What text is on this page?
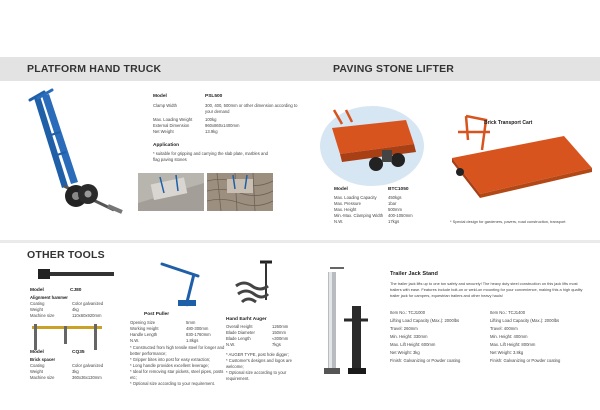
PLATFORM HAND TRUCK	PAVING STONE LIFTER
Model	PSL500
Clamp Width	300, 400, 500mm or other dimension according to your demand
Max. Loading Weight	100kg
External Dimension	960x860x1400mm
Net Weight	13.9kg
Application
* suitable for gripping and carrying the slab plate, marbles and flag paving stones
Brick Transport Cart
Model	BTC1050
Max. Loading Capacity	450kgs
Max. Pressure	1bar
Max. Height	500mm
Min.-Max. Clamping Width 400-1050mm
N.W.	17kgs	* Special design for gardeners, pavers, road construction, transport
OTHER TOOLS
Model	CJ80
Alignment hammer
Coating	Color galvanized
Weight	4kg
Machine size	110x60x920mm
Model	CQ35
Brick spacer
Coating	Color galvanized
Weight	3kg
Machine size	360x36x130mm
Post Puller
Opening Size	5mm
Working Height	480-300mm
Handle Length	830-1760mm
N.W.	1.8kgs
* Constructed from high tensile steel for longer and better performance;
* Gripper bites into post for easy extraction;
* Long handle provides excellent leverage;
* Ideal for removing star pickets, steel pipes, posts etc;
* Optional size according to your requirement.
Hand Earht Auger
Overall Height	1260mm
Blade Diameter	150mm
Blade Length	≈300mm
N.W.	7kgs
* AUGER TYPE, post hole digger;
* Customer's designs and logos are welcome;
* Optional size according to your requirement.
Trailer Jack Stand
The trailer jack lifts up to one ton safely and securely! The heavy duty steel construction on this jack lifts most trailers with ease. Features include bolt-on or weld-on mounting for your convenience, making this a high quality trailer jack for campers, equestrian trailers and other heavy hauls!
Item No.: TCJ1000
Lifting Load Capacity (Max.): 2000lbs
Travel: 260mm
Min. Height: 330mm
Max. Lift Height: 600mm
Net Weight: 3kg
Finish: Galvanizing or Powder coating
Item No.: TCJ1400
Lifting Load Capacity (Max.): 2000lbs
Travel: 400mm
Min. Height: 400mm
Max. Lift Height: 800mm
Net Weight: 3.8kg
Finish: Galvanizing or Powder coating
